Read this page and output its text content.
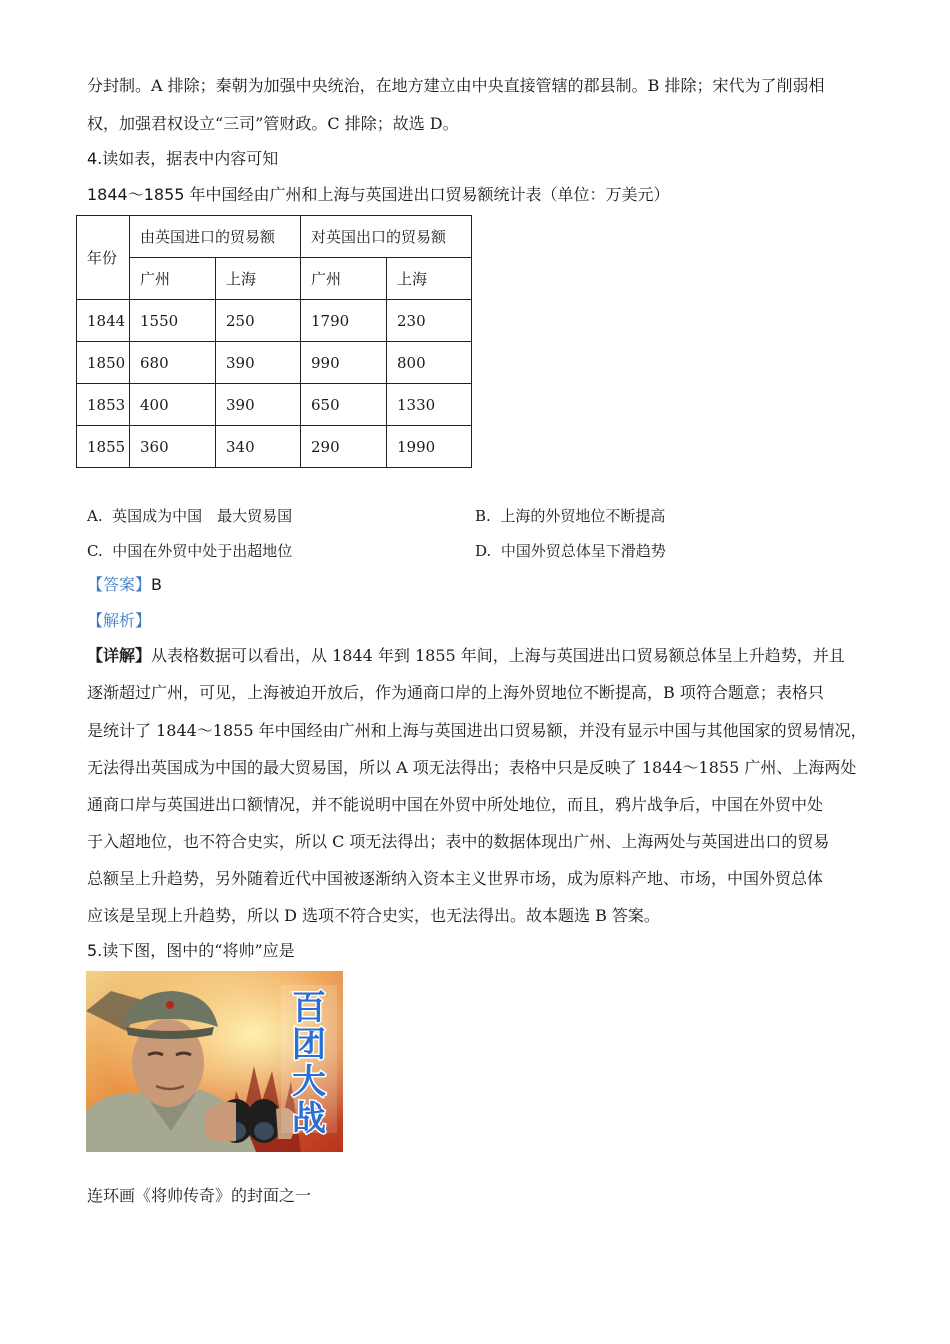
分封制。A 排除；秦朝为加强中央统治，在地方建立由中央直接管辖的郡县制。B 排除；宋代为了削弱相
权，加强君权设立“三司”管财政。C 排除；故选 D。
4.读如表，据表中内容可知
1844～1855 年中国经由广州和上海与英国进出口贸易额统计表（单位：万美元）
年份	由英国进口的贸易额		对英国出口的贸易额	
	广州	上海	广州	上海
1844	1550	250	1790	230
1850	680	390	990	800
1853	400	390	650	1330
1855	360	340	290	1990
A. 英国成为中国　最大贸易国	B. 上海的外贸地位不断提高
C. 中国在外贸中处于出超地位	D. 中国外贸总体呈下滑趋势
【答案】B
【解析】
【详解】从表格数据可以看出，从 1844 年到 1855 年间，上海与英国进出口贸易额总体呈上升趋势，并且
逐渐超过广州，可见，上海被迫开放后，作为通商口岸的上海外贸地位不断提高，B 项符合题意；表格只
是统计了 1844～1855 年中国经由广州和上海与英国进出口贸易额，并没有显示中国与其他国家的贸易情况，
无法得出英国成为中国的最大贸易国，所以 A 项无法得出；表格中只是反映了 1844～1855 广州、上海两处
通商口岸与英国进出口额情况，并不能说明中国在外贸中所处地位，而且，鸦片战争后，中国在外贸中处
于入超地位，也不符合史实，所以 C 项无法得出；表中的数据体现出广州、上海两处与英国进出口的贸易
总额呈上升趋势，另外随着近代中国被逐渐纳入资本主义世界市场，成为原料产地、市场，中国外贸总体
应该是呈现上升趋势，所以 D 选项不符合史实，也无法得出。故本题选 B 答案。
5.读下图，图中的“将帅”应是
百
团
大
战
连环画《将帅传奇》的封面之一
